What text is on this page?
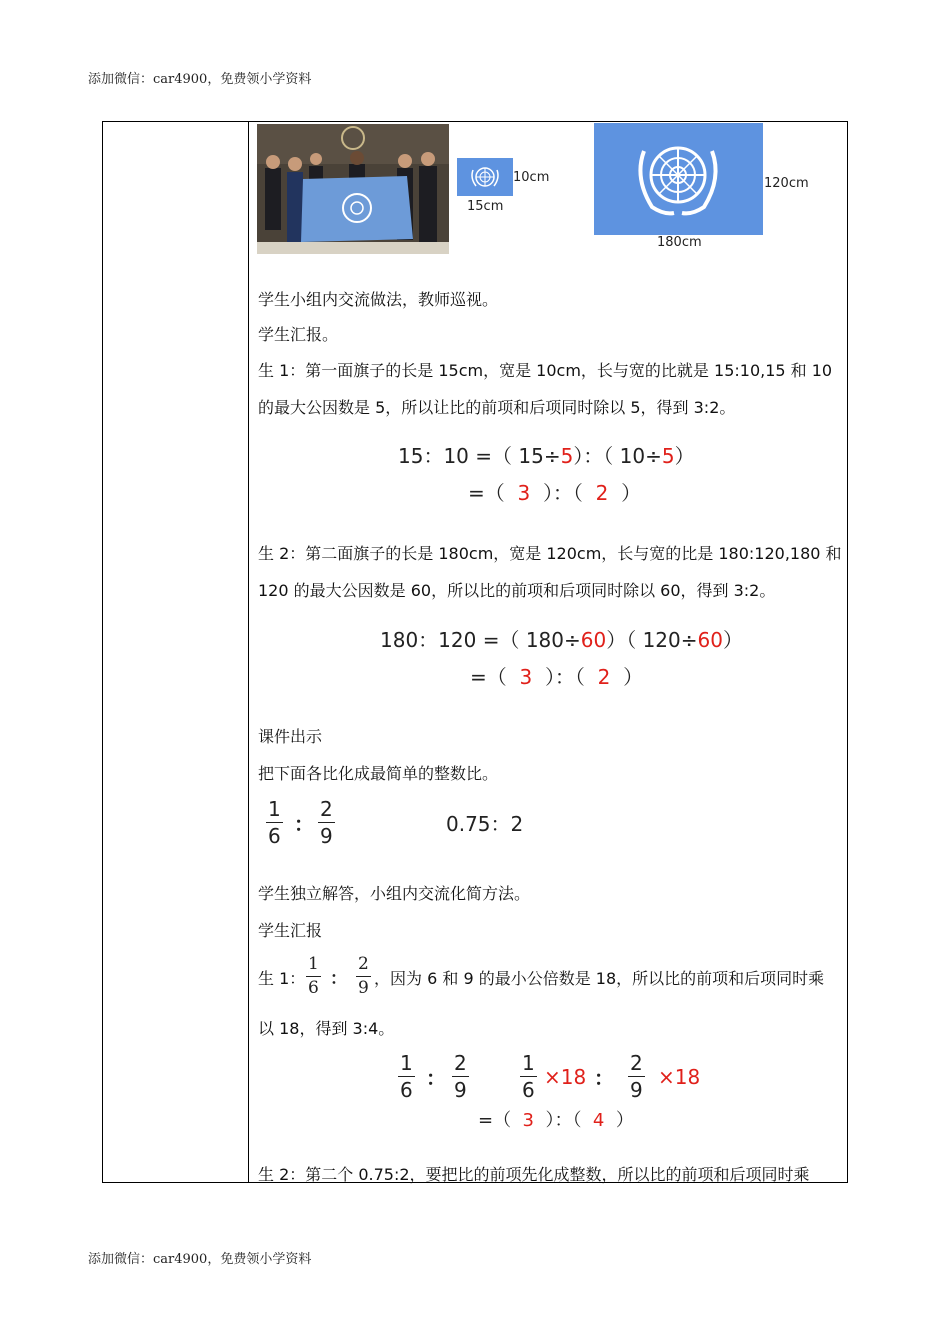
添加微信：car4900，免费领小学资料
10cm
15cm
120cm
180cm
学生小组内交流做法，教师巡视。
学生汇报。
生 1：第一面旗子的长是 15cm，宽是 10cm，长与宽的比就是 15:10,15 和 10
的最大公因数是 5，所以让比的前项和后项同时除以 5，得到 3:2。
15：10 =（ 15÷5）：（ 10÷5）
=（ 3 ）：（ 2 ）
生 2：第二面旗子的长是 180cm，宽是 120cm，长与宽的比是 180:120,180 和
120 的最大公因数是 60，所以比的前项和后项同时除以 60，得到 3:2。
180：120 =（ 180÷60）（ 120÷60）
=（ 3 ）：（ 2 ）
课件出示
把下面各比化成最简单的整数比。
1
6 ：
2
9	0.75：2
学生独立解答，小组内交流化简方法。
学生汇报
生 1：
1
6 ：
2
9 ，因为 6 和 9 的最小公倍数是 18，所以比的前项和后项同时乘
以 18，得到 3:4。
1
6 ：
2
9
1
6
×18 ：
2
9
×18
=（ 3 ）：（ 4 ）
生 2：第二个 0.75:2，要把比的前项先化成整数，所以比的前项和后项同时乘
添加微信：car4900，免费领小学资料
